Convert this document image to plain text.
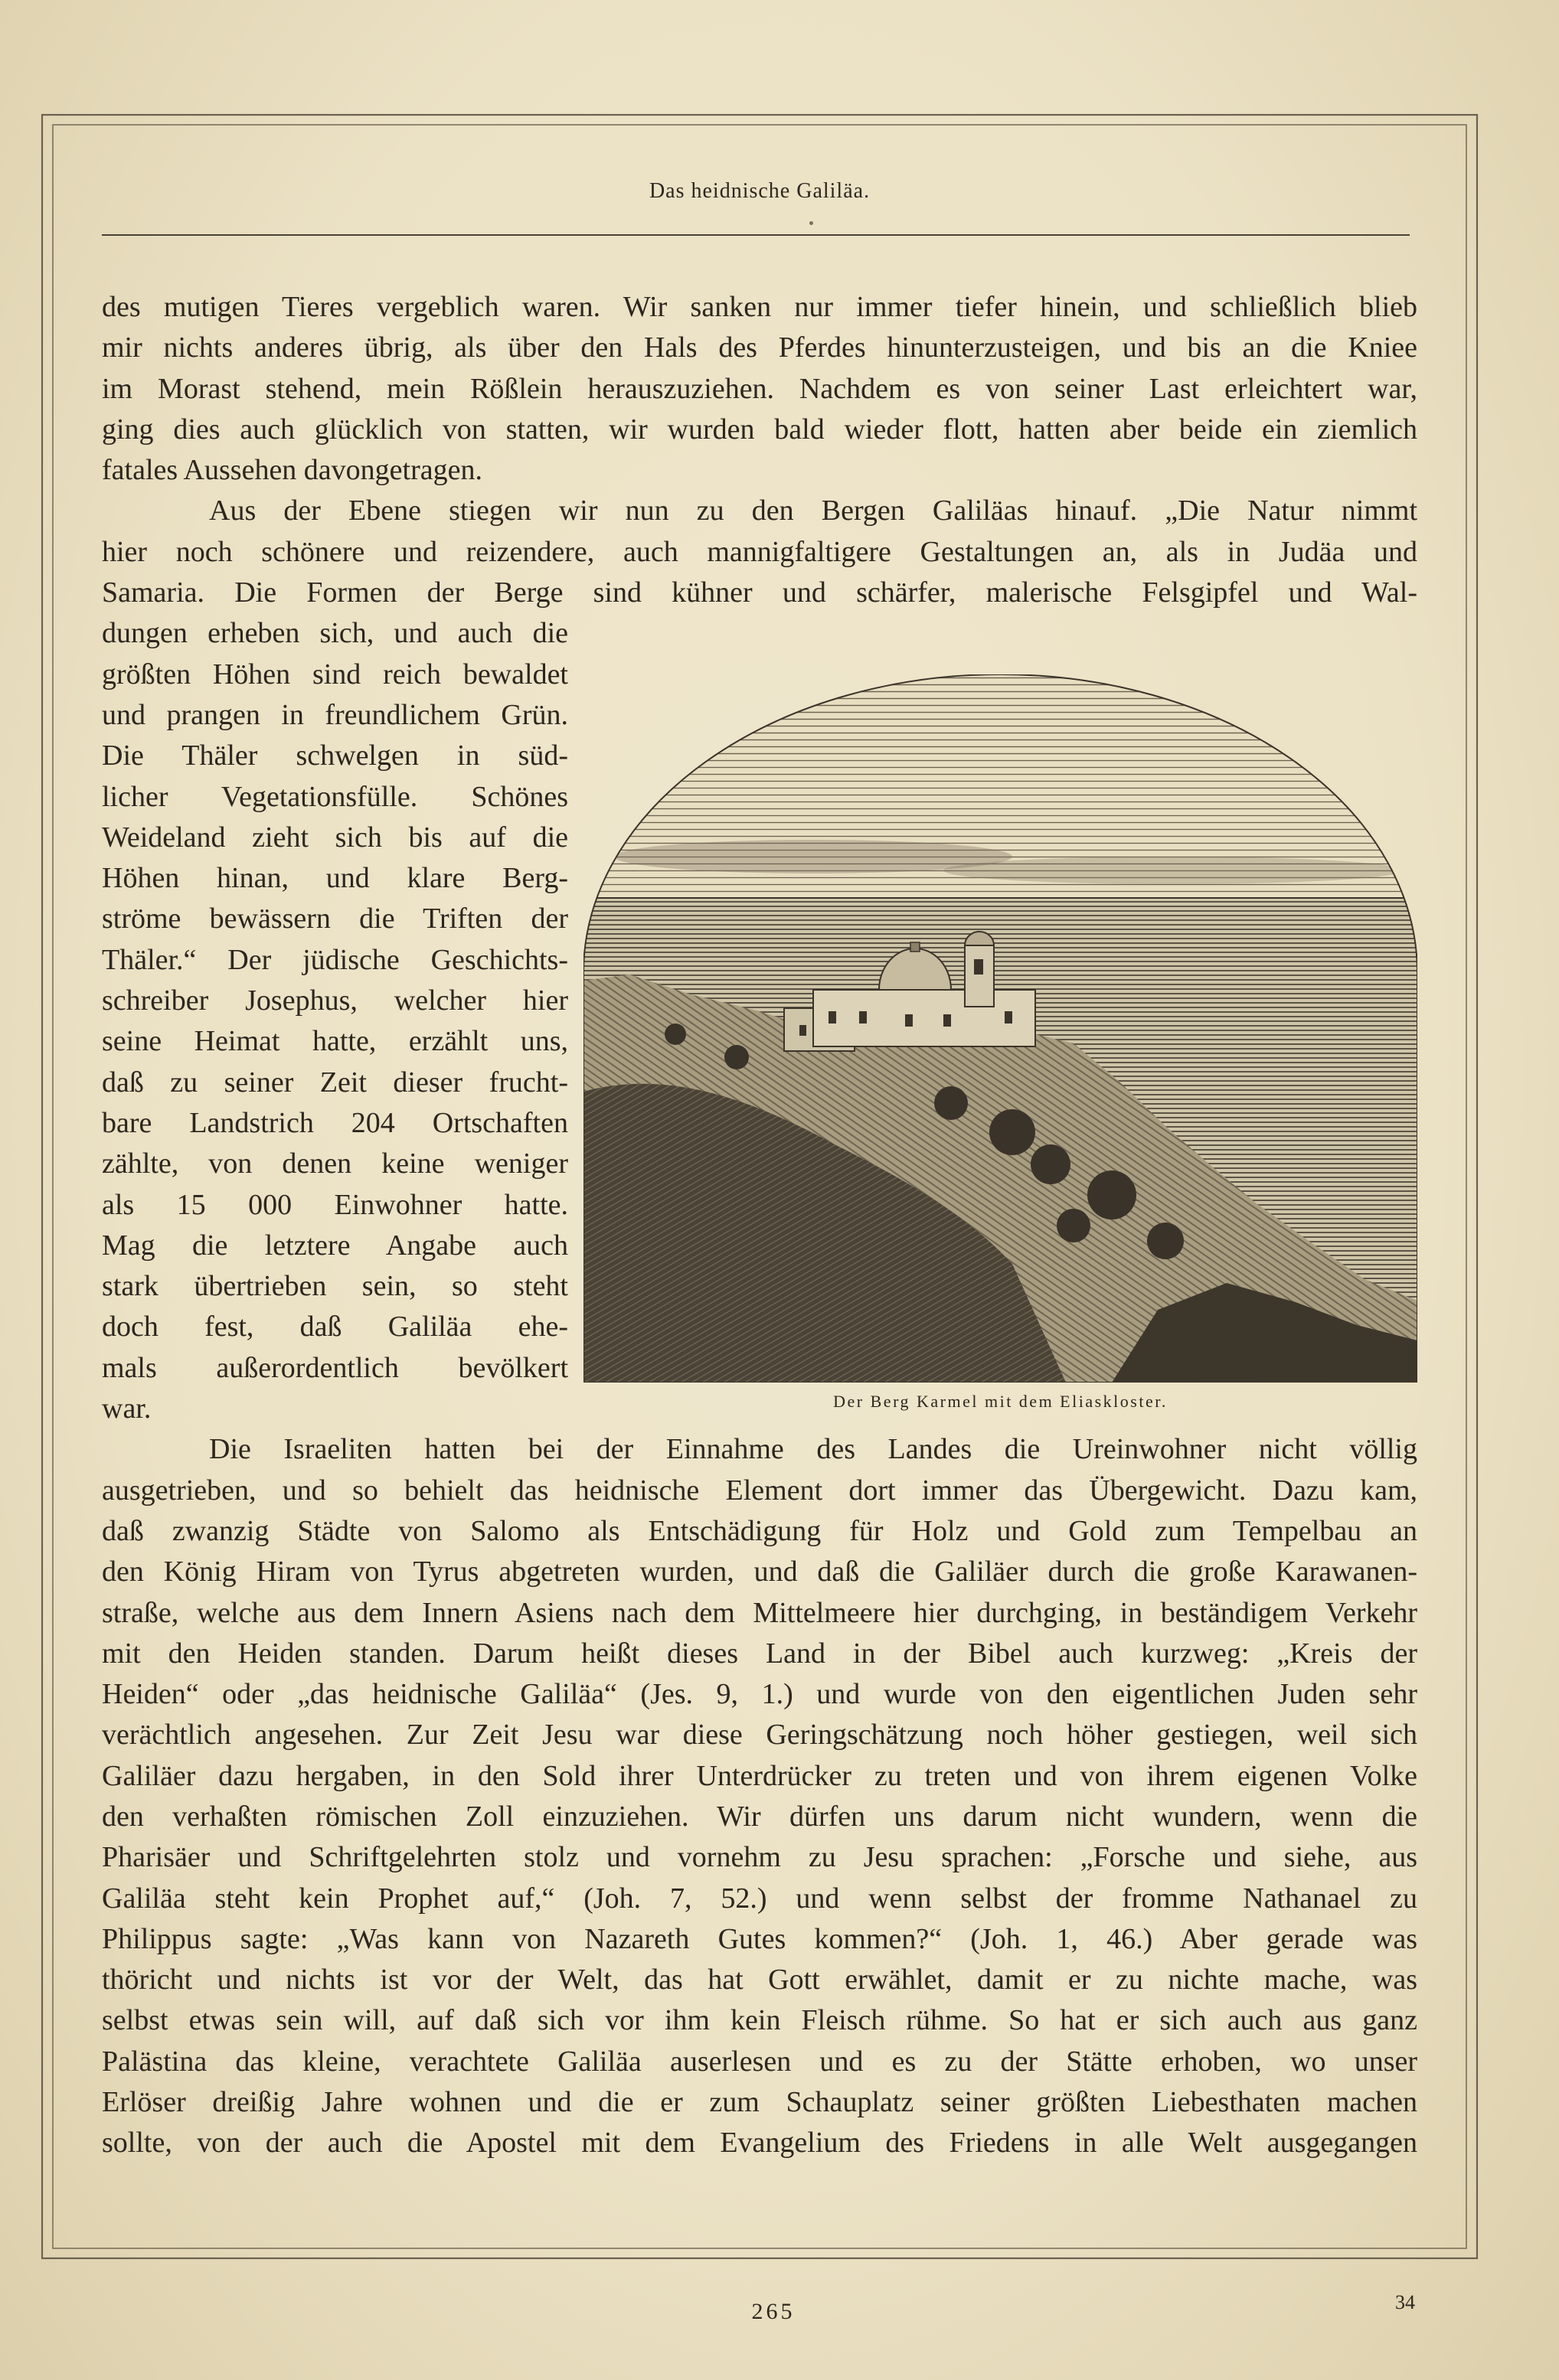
Das heidnische Galiläa.
des mutigen Tieres vergeblich waren. Wir sanken nur immer tiefer hinein, und schließlich blieb
mir nichts anderes übrig, als über den Hals des Pferdes hinunterzusteigen, und bis an die Kniee
im Morast stehend, mein Rößlein herauszuziehen. Nachdem es von seiner Last erleichtert war,
ging dies auch glücklich von statten, wir wurden bald wieder flott, hatten aber beide ein ziemlich
fatales Aussehen davongetragen.
Aus der Ebene stiegen wir nun zu den Bergen Galiläas hinauf. „Die Natur nimmt
hier noch schönere und reizendere, auch mannigfaltigere Gestaltungen an, als in Judäa und
Samaria. Die Formen der Berge sind kühner und schärfer, malerische Felsgipfel und Wal-
dungen erheben sich, und auch die
größten Höhen sind reich bewaldet
und prangen in freundlichem Grün.
Die Thäler schwelgen in süd-
licher Vegetationsfülle. Schönes
Weideland zieht sich bis auf die
Höhen hinan, und klare Berg-
ströme bewässern die Triften der
Thäler.“ Der jüdische Geschichts-
schreiber Josephus, welcher hier
seine Heimat hatte, erzählt uns,
daß zu seiner Zeit dieser frucht-
bare Landstrich 204 Ortschaften
zählte, von denen keine weniger
als 15 000 Einwohner hatte.
Mag die letztere Angabe auch
stark übertrieben sein, so steht
doch fest, daß Galiläa ehe-
mals außerordentlich bevölkert
war.
Die Israeliten hatten bei der Einnahme des Landes die Ureinwohner nicht völlig
ausgetrieben, und so behielt das heidnische Element dort immer das Übergewicht. Dazu kam,
daß zwanzig Städte von Salomo als Entschädigung für Holz und Gold zum Tempelbau an
den König Hiram von Tyrus abgetreten wurden, und daß die Galiläer durch die große Karawanen-
straße, welche aus dem Innern Asiens nach dem Mittelmeere hier durchging, in beständigem Verkehr
mit den Heiden standen. Darum heißt dieses Land in der Bibel auch kurzweg: „Kreis der
Heiden“ oder „das heidnische Galiläa“ (Jes. 9, 1.) und wurde von den eigentlichen Juden sehr
verächtlich angesehen. Zur Zeit Jesu war diese Geringschätzung noch höher gestiegen, weil sich
Galiläer dazu hergaben, in den Sold ihrer Unterdrücker zu treten und von ihrem eigenen Volke
den verhaßten römischen Zoll einzuziehen. Wir dürfen uns darum nicht wundern, wenn die
Pharisäer und Schriftgelehrten stolz und vornehm zu Jesu sprachen: „Forsche und siehe, aus
Galiläa steht kein Prophet auf,“ (Joh. 7, 52.) und wenn selbst der fromme Nathanael zu
Philippus sagte: „Was kann von Nazareth Gutes kommen?“ (Joh. 1, 46.) Aber gerade was
thöricht und nichts ist vor der Welt, das hat Gott erwählet, damit er zu nichte mache, was
selbst etwas sein will, auf daß sich vor ihm kein Fleisch rühme. So hat er sich auch aus ganz
Palästina das kleine, verachtete Galiläa auserlesen und es zu der Stätte erhoben, wo unser
Erlöser dreißig Jahre wohnen und die er zum Schauplatz seiner größten Liebesthaten machen
sollte, von der auch die Apostel mit dem Evangelium des Friedens in alle Welt ausgegangen
Der Berg Karmel mit dem Eliaskloster.
265	34
